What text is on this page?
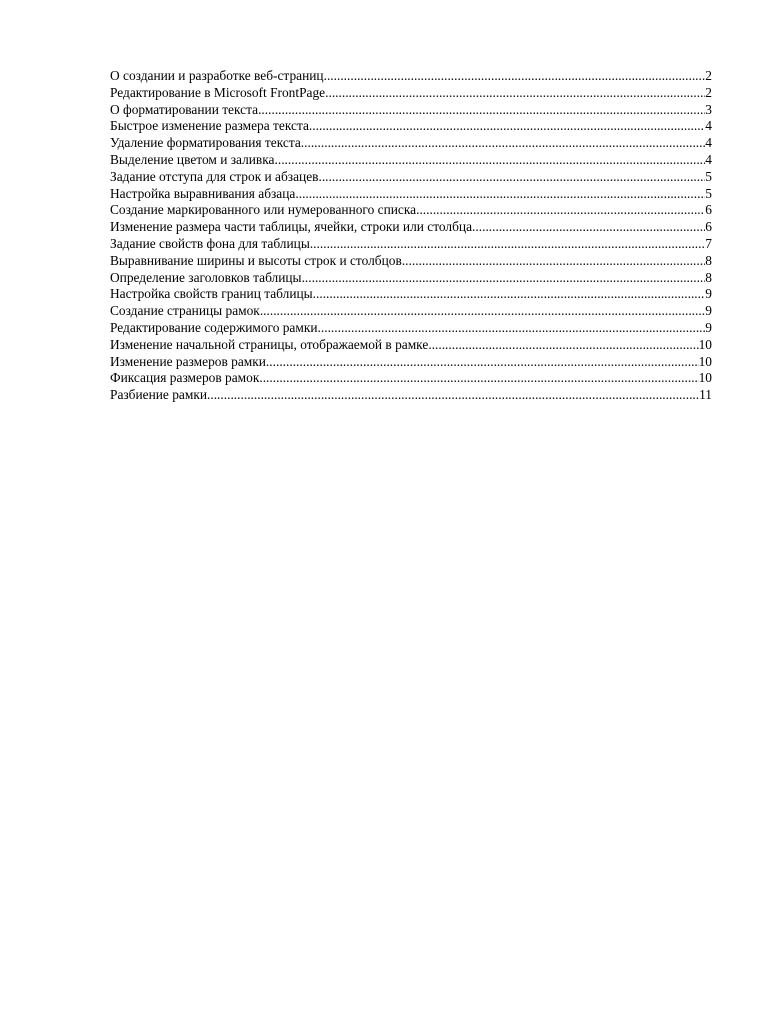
О создании и разработке веб-страниц .....	2
Редактирование в Microsoft FrontPage .....	2
О форматировании текста .....	3
Быстрое изменение размера текста .....	4
Удаление форматирования текста .....	4
Выделение цветом и заливка .....	4
Задание отступа для строк и абзацев .....	5
Настройка выравнивания абзаца .....	5
Создание маркированного или нумерованного списка .....	6
Изменение размера части таблицы, ячейки, строки или столбца .....	6
Задание свойств фона для таблицы .....	7
Выравнивание ширины и высоты строк и столбцов .....	8
Определение заголовков таблицы .....	8
Настройка свойств границ таблицы .....	9
Создание страницы рамок .....	9
Редактирование содержимого рамки .....	9
Изменение начальной страницы, отображаемой в рамке .....	10
Изменение размеров рамки .....	10
Фиксация размеров рамок .....	10
Разбиение рамки .....	11
